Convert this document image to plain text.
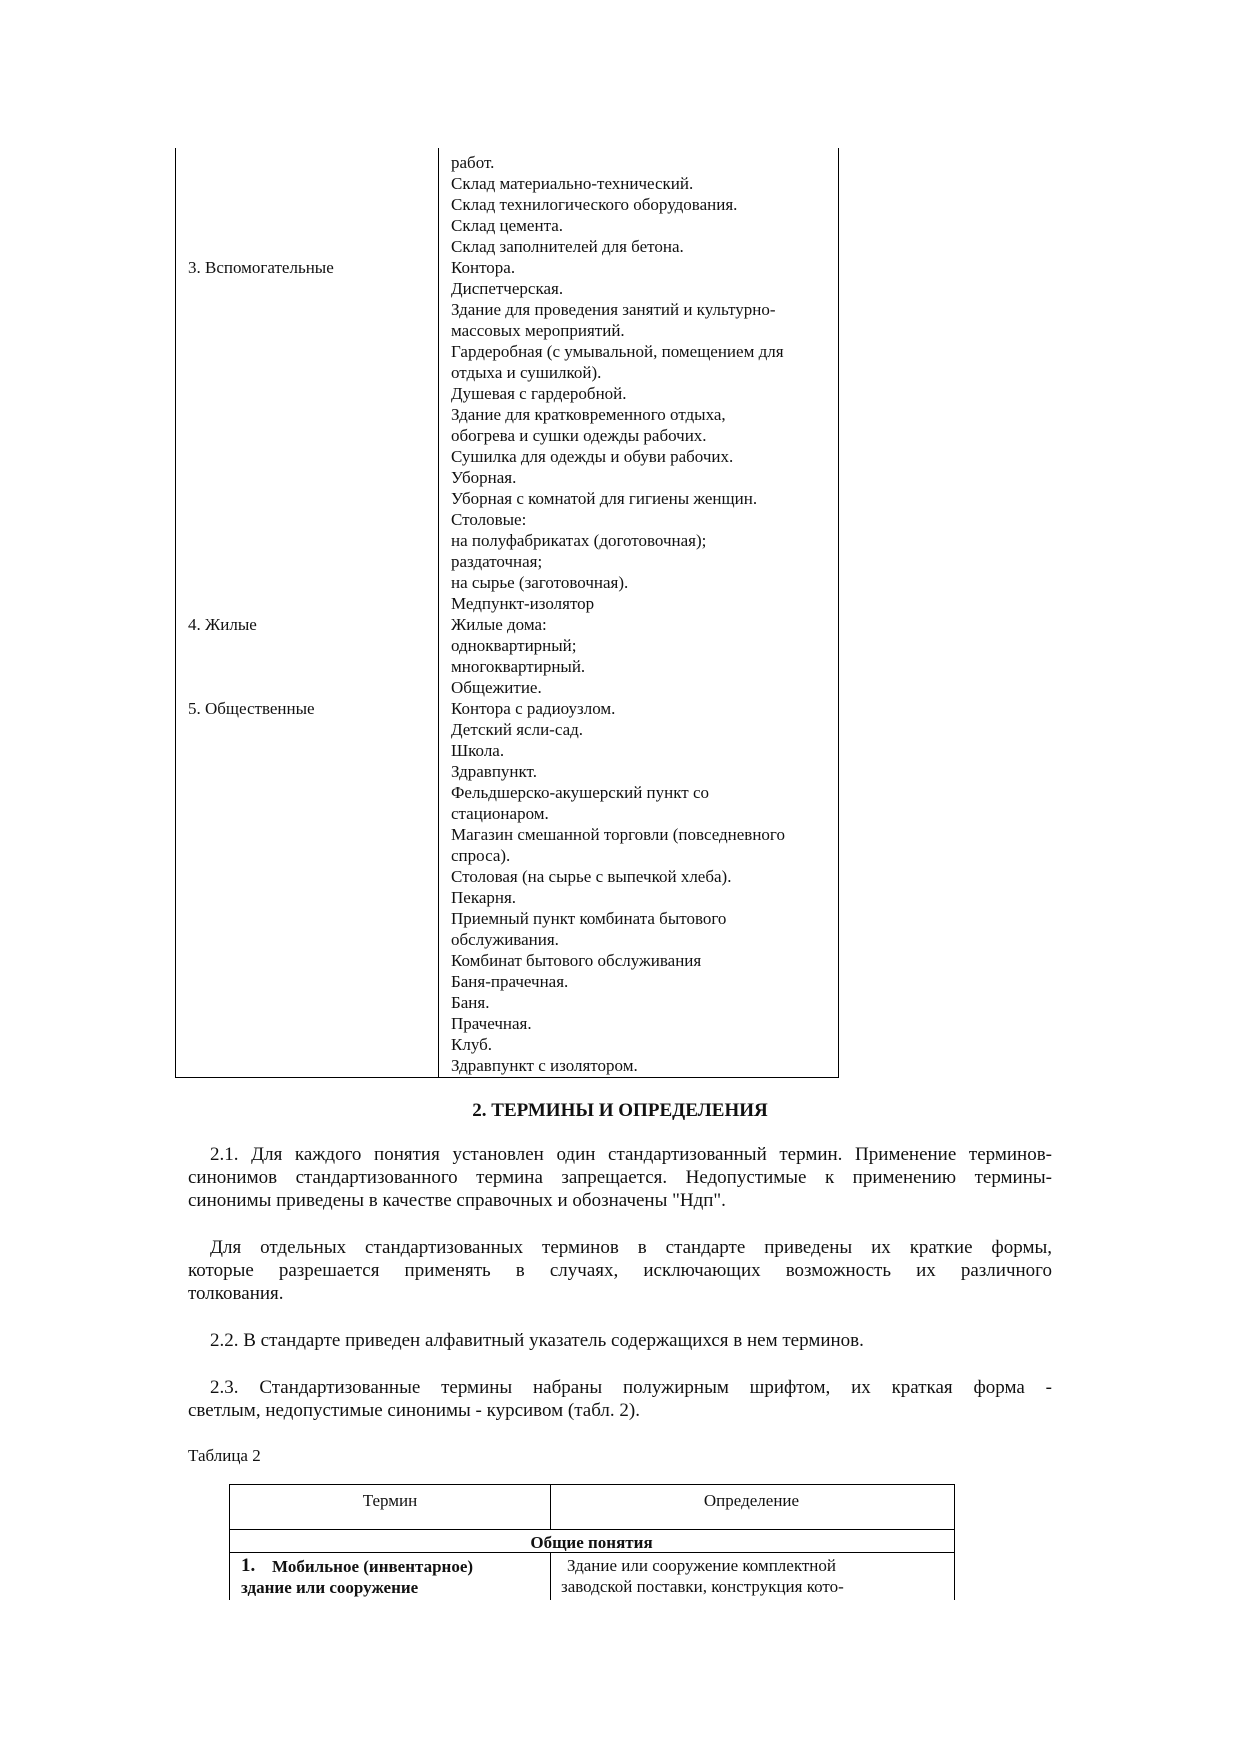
3. Вспомогательные
4. Жилые
5. Общественные
работ.
Склад материально-технический.
Склад технилогического оборудования.
Склад цемента.
Склад заполнителей для бетона.
Контора.
Диспетчерская.
Здание для проведения занятий и культурно-
массовых мероприятий.
Гардеробная (с умывальной, помещением для
отдыха и сушилкой).
Душевая с гардеробной.
Здание для кратковременного отдыха,
обогрева и сушки одежды рабочих.
Сушилка для одежды и обуви рабочих.
Уборная.
Уборная с комнатой для гигиены женщин.
Столовые:
на полуфабрикатах (доготовочная);
раздаточная;
на сырье (заготовочная).
Медпункт-изолятор
Жилые дома:
одноквартирный;
многоквартирный.
Общежитие.
Контора с радиоузлом.
Детский ясли-сад.
Школа.
Здравпункт.
Фельдшерско-акушерский пункт со
стационаром.
Магазин смешанной торговли (повседневного
спроса).
Столовая (на сырье с выпечкой хлеба).
Пекарня.
Приемный пункт комбината бытового
обслуживания.
Комбинат бытового обслуживания
Баня-прачечная.
Баня.
Прачечная.
Клуб.
Здравпункт с изолятором.
2. ТЕРМИНЫ И ОПРЕДЕЛЕНИЯ
2.1. Для каждого понятия установлен один стандартизованный термин. Применение терминов-
синонимов стандартизованного термина запрещается. Недопустимые к применению термины-
синонимы приведены в качестве справочных и обозначены "Ндп".
Для отдельных стандартизованных терминов в стандарте приведены их краткие формы,
которые разрешается применять в случаях, исключающих возможность их различного
толкования.
2.2. В стандарте приведен алфавитный указатель содержащихся в нем терминов.
2.3. Стандартизованные термины набраны полужирным шрифтом, их краткая форма -
светлым, недопустимые синонимы - курсивом (табл. 2).
Таблица 2
Термин	Определение
Общие понятия
1. Мобильное (инвентарное)
здание или сооружение
Здание или сооружение комплектной
заводской поставки, конструкция кото-
